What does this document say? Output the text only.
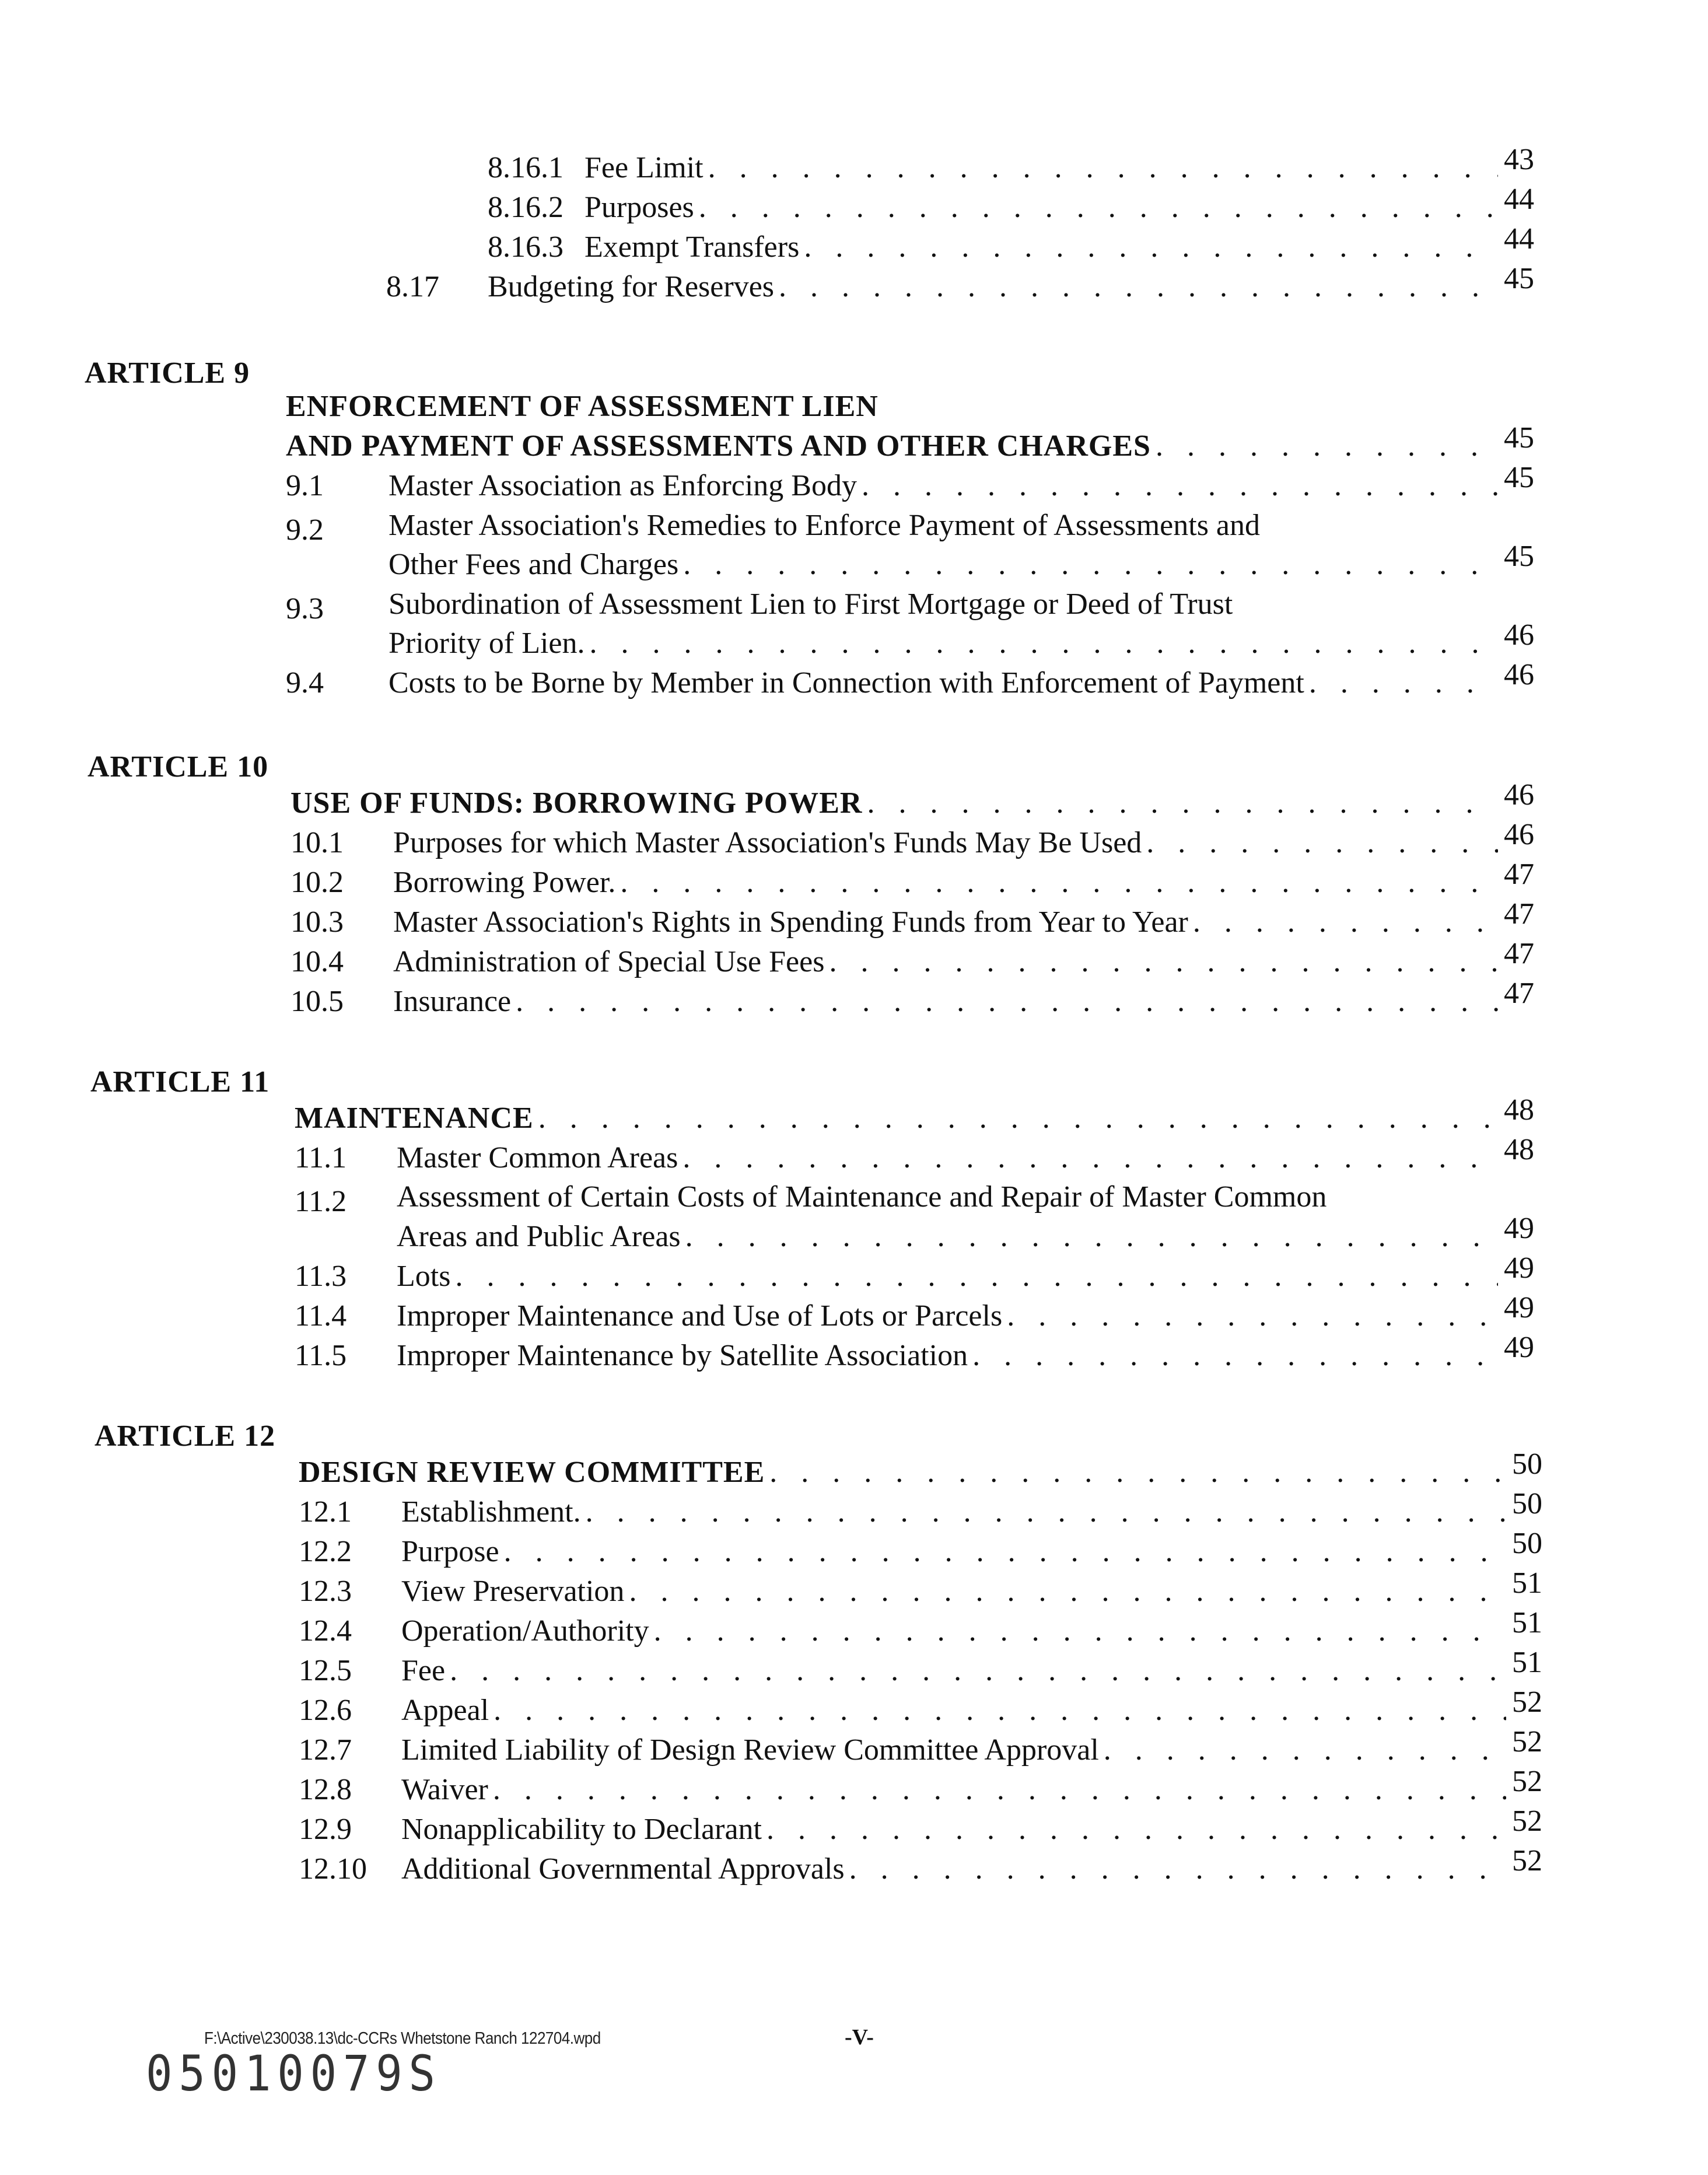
8.16.1 Fee Limit . . .	43
8.16.2 Purposes . . .	44
8.16.3 Exempt Transfers . . .	44
8.17 Budgeting for Reserves . . .	45
ARTICLE 9
ENFORCEMENT OF ASSESSMENT LIEN
AND PAYMENT OF ASSESSMENTS AND OTHER CHARGES . . .	45
9.1 Master Association as Enforcing Body . . .	45
9.2 Master Association's Remedies to Enforce Payment of Assessments and
Other Fees and Charges . . .	45
9.3 Subordination of Assessment Lien to First Mortgage or Deed of Trust
Priority of Lien. . . .	46
9.4 Costs to be Borne by Member in Connection with Enforcement of Payment . . .	46
ARTICLE 10
USE OF FUNDS: BORROWING POWER . . .	46
10.1 Purposes for which Master Association's Funds May Be Used . . .	46
10.2 Borrowing Power. . . .	47
10.3 Master Association's Rights in Spending Funds from Year to Year . . .	47
10.4 Administration of Special Use Fees . . .	47
10.5 Insurance . . .	47
ARTICLE 11
MAINTENANCE . . .	48
11.1 Master Common Areas . . .	48
11.2 Assessment of Certain Costs of Maintenance and Repair of Master Common
Areas and Public Areas . . .	49
11.3 Lots . . .	49
11.4 Improper Maintenance and Use of Lots or Parcels . . .	49
11.5 Improper Maintenance by Satellite Association . . .	49
ARTICLE 12
DESIGN REVIEW COMMITTEE . . .	50
12.1 Establishment. . . .	50
12.2 Purpose . . .	50
12.3 View Preservation . . .	51
12.4 Operation/Authority . . .	51
12.5 Fee . . .	51
12.6 Appeal . . .	52
12.7 Limited Liability of Design Review Committee Approval . . .	52
12.8 Waiver . . .	52
12.9 Nonapplicability to Declarant . . .	52
12.10 Additional Governmental Approvals . . .	52
F:\Active\230038.13\dc-CCRs Whetstone Ranch 122704.wpd	-V-
05010079S
